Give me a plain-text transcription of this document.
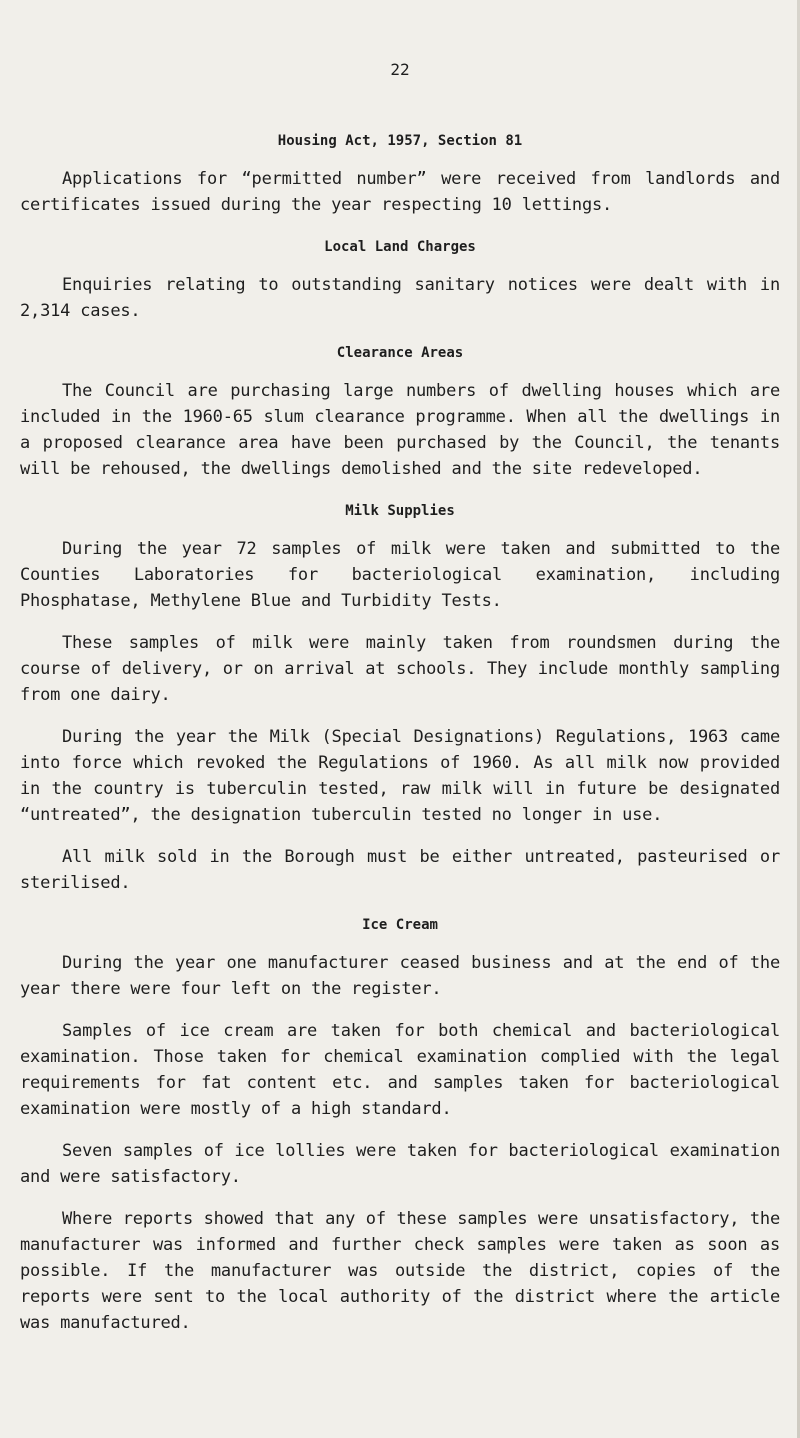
22
Housing Act, 1957, Section 81

Applications for “permitted number” were received from landlords and certificates issued during the year respecting 10 lettings.

Local Land Charges

Enquiries relating to outstanding sanitary notices were dealt with in 2,314 cases.

Clearance Areas

The Council are purchasing large numbers of dwelling houses which are included in the 1960-65 slum clearance programme. When all the dwellings in a proposed clearance area have been purchased by the Council, the tenants will be rehoused, the dwellings demolished and the site redeveloped.

Milk Supplies

During the year 72 samples of milk were taken and submitted to the Counties Laboratories for bacteriological examination, including Phosphatase, Methylene Blue and Turbidity Tests.

These samples of milk were mainly taken from roundsmen during the course of delivery, or on arrival at schools. They include monthly sampling from one dairy.

During the year the Milk (Special Designations) Regulations, 1963 came into force which revoked the Regulations of 1960. As all milk now provided in the country is tuberculin tested, raw milk will in future be designated “untreated”, the designation tuberculin tested no longer in use.

All milk sold in the Borough must be either untreated, pasteurised or sterilised.

Ice Cream

During the year one manufacturer ceased business and at the end of the year there were four left on the register.

Samples of ice cream are taken for both chemical and bacteriological examination. Those taken for chemical examination complied with the legal requirements for fat content etc. and samples taken for bacteriological examination were mostly of a high standard.

Seven samples of ice lollies were taken for bacteriological examination and were satisfactory.

Where reports showed that any of these samples were unsatisfactory, the manufacturer was informed and further check samples were taken as soon as possible. If the manufacturer was outside the district, copies of the reports were sent to the local authority of the district where the article was manufactured.
